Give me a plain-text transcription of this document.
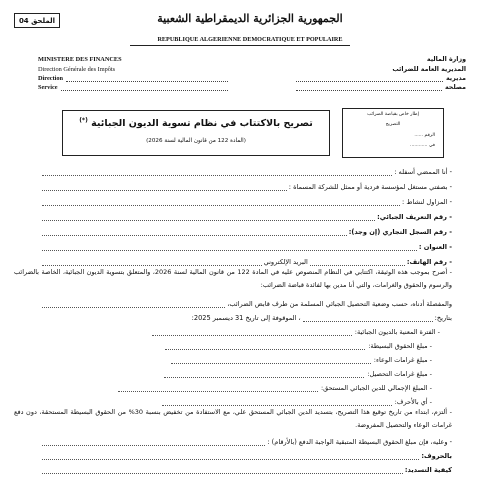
الملحق 04	الجمهورية الجزائرية الديمقراطية الشعبية
REPUBLIQUE ALGERIENNE DEMOCRATIQUE ET POPULAIRE
MINISTERE DES FINANCES
Direction Générale des Impôts
Direction
Service
وزارة المالية
المديرية العامة للضرائب
مديرية
مصلحة
تصريح بالاكتتاب في نظام تسوية الديون الجبائية (*)
(المادة 122 من قانون المالية لسنة 2026)
إطار خاص بقباضة الضرائب
التصريح
الرقم ......
في ............
- أنا الممضي أسفله :
- بصفتي مستغل لمؤسسة فردية أو ممثل للشركة المسماة :
- المزاول لنشاط :
- رقم التعريف الجبائي:
- رقم السجل التجاري (إن وجد):
- العنوان :
- رقم الهاتف:
البريد الإلكتروني
- أصرح بموجب هذه الوثيقة، اكتتابي في النظام المنصوص عليه في المادة 122 من قانون المالية لسنة 2026، والمتعلق بتسوية الديون الجبائية، الخاصة بالضرائب والرسوم والحقوق والغرامات، والتي أنا مدين بها لفائدة قباضة الضرائب:
والمفصلة أدناه، حسب وضعية التحصيل الجبائي المسلمة من طرف قابض الضرائب،
بتاريخ:
، الموقوفة إلى تاريخ 31 ديسمبر 2025:
- الفترة المعنية بالديون الجبائية:
- مبلغ الحقوق البسيطة:
- مبلغ غرامات الوعاء:
- مبلغ غرامات التحصيل:
- المبلغ الإجمالي للدين الجبائي المستحق:
- أي بالأحرف:
- ألتزم، ابتداء من تاريخ توقيع هذا التصريح، بتسديد الدين الجبائي المستحق علي، مع الاستفادة من تخفيض بنسبة 30% من الحقوق البسيطة المستحقة، دون دفع غرامات الوعاء والتحصيل المفروضة.
- وعليه، فإن مبلغ الحقوق البسيطة المتبقية الواجبة الدفع (بالأرقام) :
بالحروف:
كيفية التسديد:
